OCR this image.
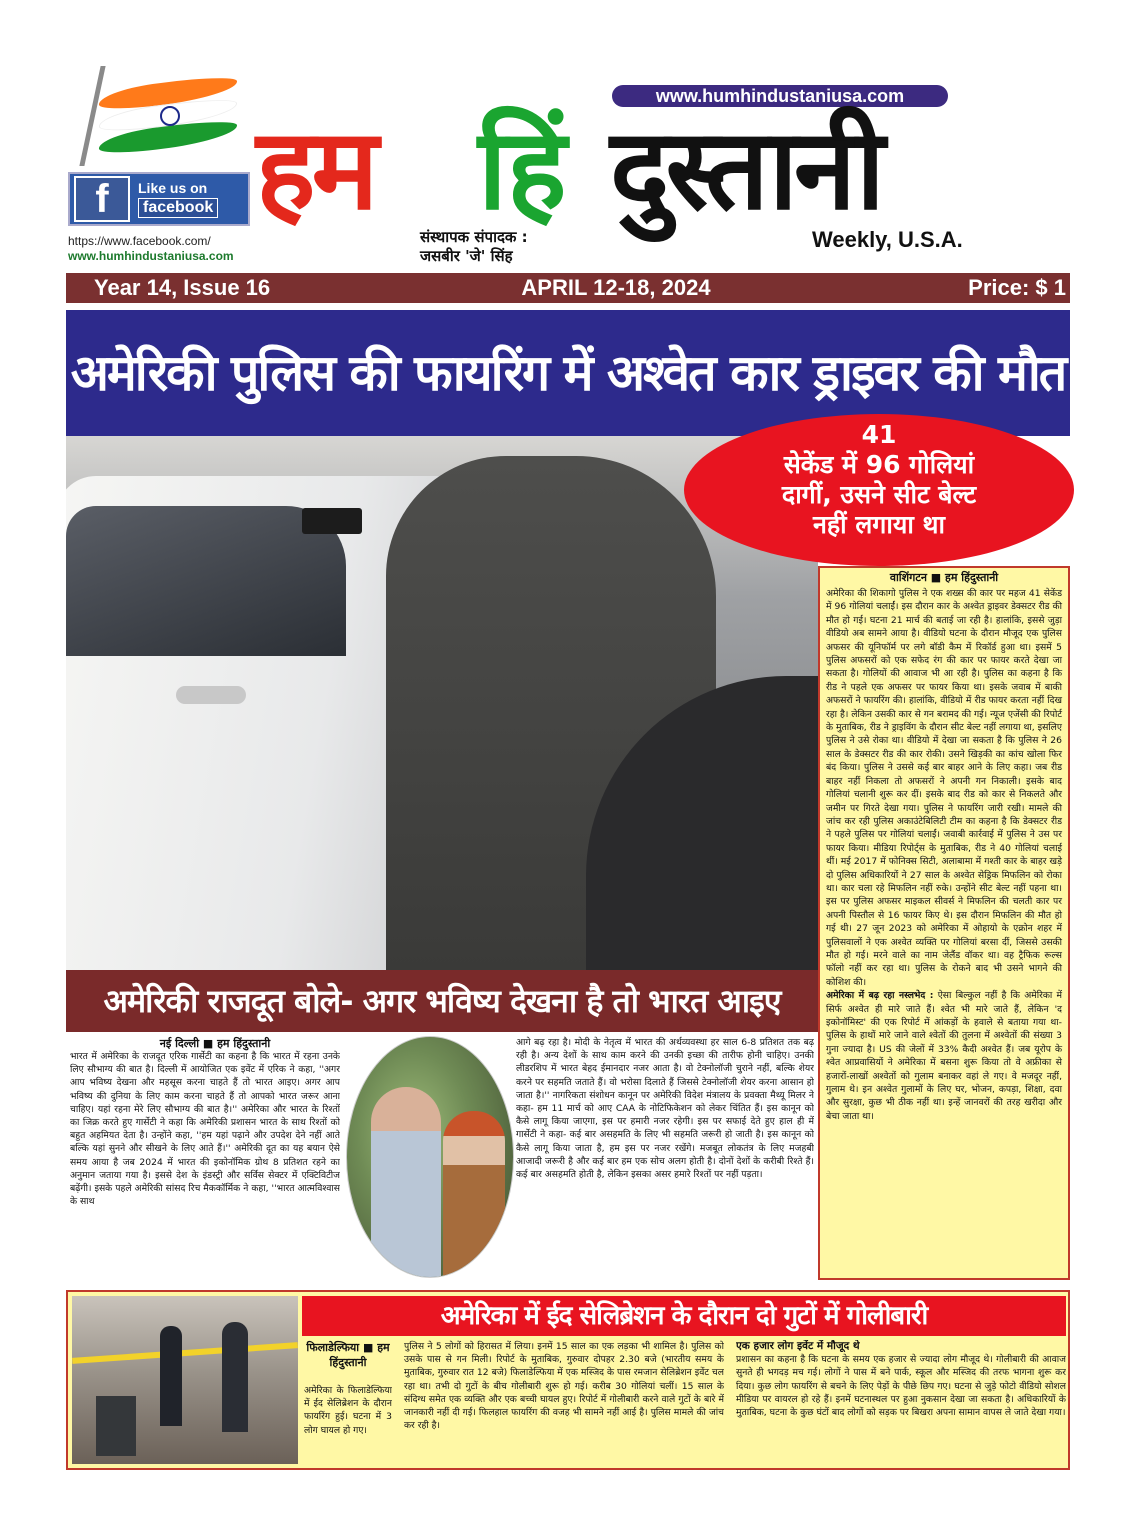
f	Like us on
facebook
https://www.facebook.com/
www.humhindustaniusa.com
www.humhindustaniusa.com
हम हिं दुस्तानी
संस्थापक संपादक :
जसबीर 'जे' सिंह
Weekly, U.S.A.
Year 14, Issue 16	APRIL 12-18, 2024	Price: $ 1
अमेरिकी पुलिस की फायरिंग में अश्वेत कार ड्राइवर की मौत
41
सेकेंड में 96 गोलियां
दागीं, उसने सीट बेल्ट
नहीं लगाया था
वाशिंगटन ■ हम हिंदुस्तानी

अमेरिका की शिकागो पुलिस ने एक शख्स की कार पर महज 41 सेकेंड में 96 गोलियां चलाईं। इस दौरान कार के अश्वेत ड्राइवर डेक्सटर रीड की मौत हो गई। घटना 21 मार्च की बताई जा रही है। हालांकि, इससे जुड़ा वीडियो अब सामने आया है। वीडियो घटना के दौरान मौजूद एक पुलिस अफसर की यूनिफॉर्म पर लगे बॉडी कैम में रिकॉर्ड हुआ था। इसमें 5 पुलिस अफसरों को एक सफेद रंग की कार पर फायर करते देखा जा सकता है। गोलियों की आवाज भी आ रही है। पुलिस का कहना है कि रीड ने पहले एक अफसर पर फायर किया था। इसके जवाब में बाकी अफसरों ने फायरिंग की। हालांकि, वीडियो में रीड फायर करता नहीं दिख रहा है। लेकिन उसकी कार से गन बरामद की गई। न्यूज एजेंसी की रिपोर्ट के मुताबिक, रीड ने ड्राइविंग के दौरान सीट बेल्ट नहीं लगाया था, इसलिए पुलिस ने उसे रोका था। वीडियो में देखा जा सकता है कि पुलिस ने 26 साल के डेक्सटर रीड की कार रोकी। उसने खिड़की का कांच खोला फिर बंद किया। पुलिस ने उससे कई बार बाहर आने के लिए कहा। जब रीड बाहर नहीं निकला तो अफसरों ने अपनी गन निकाली। इसके बाद गोलियां चलानी शुरू कर दीं। इसके बाद रीड को कार से निकलते और जमीन पर गिरते देखा गया। पुलिस ने फायरिंग जारी रखी। मामले की जांच कर रही पुलिस अकाउंटेबिलिटी टीम का कहना है कि डेक्सटर रीड ने पहले पुलिस पर गोलियां चलाईं। जवाबी कार्रवाई में पुलिस ने उस पर फायर किया। मीडिया रिपोर्ट्स के मुताबिक, रीड ने 40 गोलियां चलाई थीं। मई 2017 में फोनिक्स सिटी, अलाबामा में गश्ती कार के बाहर खड़े दो पुलिस अधिकारियों ने 27 साल के अश्वेत सेड्रिक मिफलिन को रोका था। कार चला रहे मिफलिन नहीं रुके। उन्होंने सीट बेल्ट नहीं पहना था। इस पर पुलिस अफसर माइकल सीवर्स ने मिफलिन की चलती कार पर अपनी पिस्तौल से 16 फायर किए थे। इस दौरान मिफलिन की मौत हो गई थी। 27 जून 2023 को अमेरिका में ओहायो के एक्रोन शहर में पुलिसवालों ने एक अश्वेत व्यक्ति पर गोलियां बरसा दीं, जिससे उसकी मौत हो गई। मरने वाले का नाम जेलैंड वॉकर था। वह ट्रैफिक रूल्स फॉलो नहीं कर रहा था। पुलिस के रोकने बाद भी उसने भागने की कोशिश की।

अमेरिका में बढ़ रहा नस्लभेद : ऐसा बिल्कुल नहीं है कि अमेरिका में सिर्फ अश्वेत ही मारे जाते हैं। श्वेत भी मारे जाते हैं, लेकिन 'द इकोनॉमिस्ट' की एक रिपोर्ट में आंकड़ों के हवाले से बताया गया था- पुलिस के हाथों मारे जाने वाले श्वेतों की तुलना में अश्वेतों की संख्या 3 गुना ज्यादा है। US की जेलों में 33% कैदी अश्वेत हैं। जब यूरोप के श्वेत आप्रवासियों ने अमेरिका में बसना शुरू किया तो वे अफ्रीका से हजारों-लाखों अश्वेतों को गुलाम बनाकर वहां ले गए। वे मजदूर नहीं, गुलाम थे। इन अश्वेत गुलामों के लिए घर, भोजन, कपड़ा, शिक्षा, दवा और सुरक्षा, कुछ भी ठीक नहीं था। इन्हें जानवरों की तरह खरीदा और बेचा जाता था।

अमेरिकी राजदूत बोले- अगर भविष्य देखना है तो भारत आइए
नई दिल्ली ■ हम हिंदुस्तानी
भारत में अमेरिका के राजदूत एरिक गार्सेटी का कहना है कि भारत में रहना उनके लिए सौभाग्य की बात है। दिल्ली में आयोजित एक इवेंट में एरिक ने कहा, ''अगर आप भविष्य देखना और महसूस करना चाहते हैं तो भारत आइए। अगर आप भविष्य की दुनिया के लिए काम करना चाहते हैं तो आपको भारत जरूर आना चाहिए। यहां रहना मेरे लिए सौभाग्य की बात है।'' अमेरिका और भारत के रिश्तों का जिक्र करते हुए गार्सेटी ने कहा कि अमेरिकी प्रशासन भारत के साथ रिश्तों को बहुत अहमियत देता है। उन्होंने कहा, ''हम यहां पढ़ाने और उपदेश देने नहीं आते बल्कि यहां सुनने और सीखने के लिए आते हैं।'' अमेरिकी दूत का यह बयान ऐसे समय आया है जब 2024 में भारत की इकोनॉमिक ग्रोथ 8 प्रतिशत रहने का अनुमान जताया गया है। इससे देश के इंडस्ट्री और सर्विस सेक्टर में एक्टिविटीज बढ़ेंगी। इसके पहले अमेरिकी सांसद रिच मैककॉर्मिक ने कहा, ''भारत आत्मविश्वास के साथ
आगे बढ़ रहा है। मोदी के नेतृत्व में भारत की अर्थव्यवस्था हर साल 6-8 प्रतिशत तक बढ़ रही है। अन्य देशों के साथ काम करने की उनकी इच्छा की तारीफ होनी चाहिए। उनकी लीडरशिप में भारत बेहद ईमानदार नजर आता है। वो टेक्नोलॉजी चुराने नहीं, बल्कि शेयर करने पर सहमति जताते हैं। वो भरोसा दिलाते हैं जिससे टेक्नोलॉजी शेयर करना आसान हो जाता है।'' नागरिकता संशोधन कानून पर अमेरिकी विदेश मंत्रालय के प्रवक्ता मैथ्यू मिलर ने कहा- हम 11 मार्च को आए CAA के नोटिफिकेशन को लेकर चिंतित हैं। इस कानून को कैसे लागू किया जाएगा, इस पर हमारी नजर रहेगी। इस पर सफाई देते हुए हाल ही में गार्सेटी ने कहा- कई बार असहमति के लिए भी सहमति जरूरी हो जाती है। इस कानून को कैसे लागू किया जाता है, हम इस पर नजर रखेंगे। मजबूत लोकतंत्र के लिए मजहबी आजादी जरूरी है और कई बार हम एक सोच अलग होती है। दोनों देशों के करीबी रिश्ते हैं। कई बार असहमति होती है, लेकिन इसका असर हमारे रिश्तों पर नहीं पड़ता।
अमेरिका में ईद सेलिब्रेशन के दौरान दो गुटों में गोलीबारी
फिलाडेल्फिया ■ हम हिंदुस्तानी
अमेरिका के फिलाडेल्फिया में ईद सेलिब्रेशन के दौरान फायरिंग हुई। घटना में 3 लोग घायल हो गए।
पुलिस ने 5 लोगों को हिरासत में लिया। इनमें 15 साल का एक लड़का भी शामिल है। पुलिस को उसके पास से गन मिली। रिपोर्ट के मुताबिक, गुरुवार दोपहर 2.30 बजे (भारतीय समय के मुताबिक, गुरुवार रात 12 बजे) फिलाडेल्फिया में एक मस्जिद के पास रमजान सेलिब्रेशन इवेंट चल रहा था। तभी दो गुटों के बीच गोलीबारी शुरू हो गई। करीब 30 गोलियां चलीं। 15 साल के संदिग्ध समेत एक व्यक्ति और एक बच्ची घायल हुए। रिपोर्ट में गोलीबारी करने वाले गुटों के बारे में जानकारी नहीं दी गई। फिलहाल फायरिंग की वजह भी सामने नहीं आई है। पुलिस मामले की जांच कर रही है।
एक हजार लोग इवेंट में मौजूद थे
प्रशासन का कहना है कि घटना के समय एक हजार से ज्यादा लोग मौजूद थे। गोलीबारी की आवाज सुनते ही भगदड़ मच गई। लोगों ने पास में बने पार्क, स्कूल और मस्जिद की तरफ भागना शुरू कर दिया। कुछ लोग फायरिंग से बचने के लिए पेड़ों के पीछे छिप गए। घटना से जुड़े फोटो वीडियो सोशल मीडिया पर वायरल हो रहे हैं। इनमें घटनास्थल पर हुआ नुकसान देखा जा सकता है। अधिकारियों के मुताबिक, घटना के कुछ घंटों बाद लोगों को सड़क पर बिखरा अपना सामान वापस ले जाते देखा गया।
